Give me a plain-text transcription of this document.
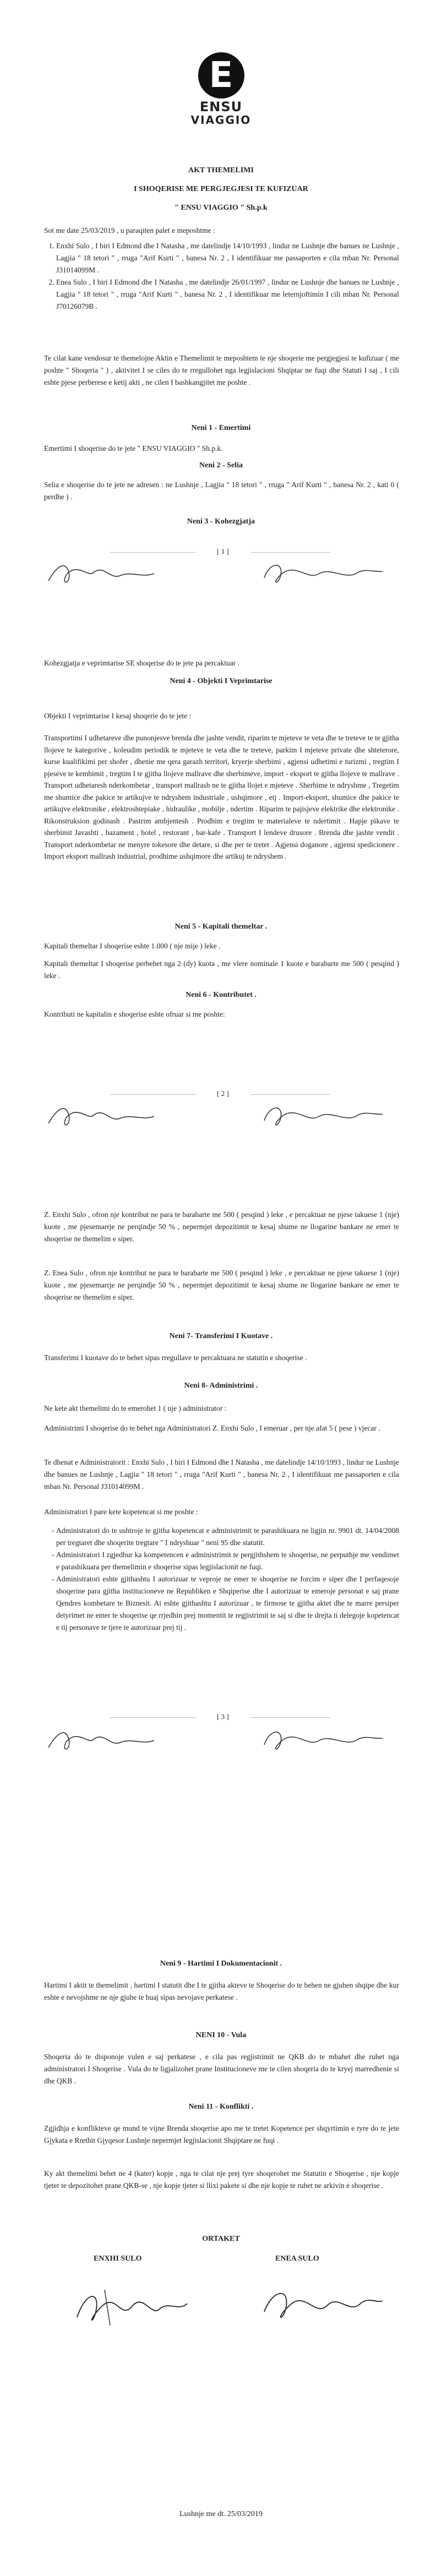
E
ENSU
VIAGGIO
AKT THEMELIMI
I SHOQERISE ME PERGJEGJESI TE KUFIZUAR
" ENSU VIAGGIO " Sh.p.k
Sot me date 25/03/2019 , u paraqiten palet e meposhtme :
1. Enxhi Sulo , I biri I Edmond dhe I Natasha , me datelindje 14/10/1993 , lindur ne Lushnje dhe banues ne Lushnje , Lagjia " 18 tetori " , rruga "Arif Kurti " , banesa Nr. 2 , I identifikuar me passaporten e cila mban Nr. Personal J31014099M .
2. Enea Sulo , I biri I Edmond dhe I Natasha , me datelindje 26/01/1997 , lindur ne Lushnje dhe banues ne Lushnje , Lagjia " 18 tetori " , rruga "Arif Kurti " , banesa Nr. 2 , I identifikuar me leternjoftimin I cili mban Nr. Personal J70126079B .
Te cilat kane vendosur te themelojne Aktin e Themelimit te meposhtem te nje shoqerie me pergjegjesi te kufizuar ( me poshte " Shoqeria " ) , aktivitet I se ciles do te rregullohet nga legjislacioni Shqiptar ne fuqi dhe Statuti I saj , I cili eshte pjese perberese e ketij akti , ne cilen I bashkangjitet me poshte .
Neni 1 - Emertimi
Emertimi I shoqerise do te jete " ENSU VIAGGIO " Sh.p.k.
Neni 2 - Selia
Selia e shoqerise do te jete ne adresen : ne Lushnje , Lagjia " 18 tetori " , rruga " Arif Kurti " , banesa Nr. 2 , kati 0 ( perdhe ) .
Neni 3 - Kohezgjatja
[ 1 ]
Kohezgjatja e veprimtarise SE shoqerise do te jete pa percaktuar .
Neni 4 - Objekti I Veprimtarise
Objekti I veprimtarise I kesaj shoqerie do te jete :
Transportimi I udhetareve dhe punonjesve brenda dhe jashte vendit, riparim te mjeteve te veta dhe te treteve te te gjitha llojeve te kategorive , koleudim periodik te mjeteve te veta dhe te treteve, parkim I mjeteve private dhe shteterore, kurse kualifikimi per shofer , dhenie me qera garazh territori, kryerje sherbimi , agjensi udhetimi e turizmi , tregtim I pjeseve te kembimit , tregtim I te gjitha llojeve mallrave dhe sherbimeve, import - eksport te gjitha llojeve te mallrave . Transport udhetaresh nderkombetar , transport mallrash ne te gjitha llojet e mjeteve . Sherbime te ndryshme , Tregetim me shumice dhe pakice te artikujve te ndryshem industriale , ushqimore , etj . Import-eksport, shumice dhe pakice te artikujve elektronike , elektroshtepiake , hidraulike , mobilje , ndertim . Riparim te pajisjeve elektrike dhe elektronike . Rikonstruksion godinash . Pastrim ambjentesh . Prodhim e tregtim te materialeve te ndertimit . Hapje pikave te sherbimit Javashti , bazament , hotel , restorant , bar-kafe . Transport I lendeve drusore . Brenda dhe jashte vendit . Transport nderkombetar ne menyre tokesore dhe detare, si dhe per te tretet . Agjensi doganore , agjensi spedicionere . Import eksport mallrash industrial, prodhime ushqimore dhe artikuj te ndryshem .
Neni 5 - Kapitali themeltar .
Kapitali themeltar I shoqerise eshte 1.000 ( nje mije ) leke .
Kapitali themeltar I shoqerise perbehet nga 2 (dy) kuota , me vlere nominale 1 kuote e barabarte me 500 ( pesqind ) leke .
Neni 6 - Kontributet .
Kontributi ne kapitalin e shoqerise eshte ofruar si me poshte:
[ 2 ]
Z. Enxhi Sulo , ofron nje kontribut ne para te barabarte me 500 ( pesqind ) leke , e percaktuar ne pjese takuese 1 (nje) kuote , me pjesemarrje ne perqindje 50 % , nepermjet depozitimit te kesaj shume ne llogarine bankare ne emer te shoqerise ne themelim e siper.
Z. Enea Sulo , ofron nje kontribut ne para te barabarte me 500 ( pesqind ) leke , e percaktuar ne pjese takuese 1 (nje) kuote , me pjesemarrje ne perqindje 50 % , nepermjet depozitimit te kesaj shume ne llogarine bankare ne emer te shoqerise ne themelim e siper.
Neni 7- Transferimi I Kuotave .
Transferimi I kuotave do te behet sipas rregullave te percaktuara ne statutin e shoqerise .
Neni 8- Administrimi .
Ne kete akt themelimi do te emerohet 1 ( nje ) administrator :
Administrimi I shoqerise do te behet nga Administratori Z. Enxhi Sulo , I emeruar , per nje afat 5 ( pese ) vjecar .
Te dhenat e Administratorit : Enxhi Sulo , I biri I Edmond dhe I Natasha , me datelindje 14/10/1993 , lindur ne Lushnje dhe banues ne Lushnje , Lagjia " 18 tetori " , rruga "Arif Kurti " , banesa Nr. 2 , I identifikuar me passaporten e cila mban Nr. Personal J31014099M .
Administratori I pare kete kopetencat si me poshte :
- Administratori do te ushtroje te gjitha kopetencat e administrimit te parashikuara ne ligjin nr. 9901 dt. 14/04/2008 per tregtaret dhe shoqerite tregtare " I ndryshuar " neni 95 dhe statutit.
- Administratori I zgjedhur ka kompetencen e administrimit te pergjithshem te shoqerise, ne perputhje me vendimet e parashikuara per themelimin e shoqerise sipas legjislacionit ne fuqi.
- Administratori eshte gjithashtu I autorizuar te veproje ne emer te shoqerise ne forcim e siper dhe I perfaqesoje shoqerine para gjitha institucioneve ne Republiken e Shqiperise dhe I autorizuar te emeroje personat e saj prane Qendres kombetare te Biznesit. Ai eshte gjithashtu I autorizuar , te firmose te gjitha aktet dhe te marre persiper detyrimet ne emer te shoqerise qe rrjedhin prej momentit te regjistrimit te saj si dhe te drejta ti delegoje kopetencat e tij personave te tjere te autorizuar prej tij .
[ 3 ]
Neni 9 - Hartimi I Dokumentacionit .
Hartimi I aktit te themelimit , hartimi I statutit dhe I te gjitha akteve te Shoqerise do te behen ne gjuhen shqipe dhe kur eshte e nevojshme ne nje gjuhe te huaj sipas nevojave perkatese .
NENI 10 - Vula
Shoqeria do te disponoje vulen e saj perkatese , e cila pas regjistrimit ne QKB do te mbahet dhe ruhet nga administratori I Shoqerise . Vula do te ligjalizohet prane Institucioneve me te cilen shoqeria do te kryej marredhenie si dhe QKB .
Neni 11 - Konflikti .
Zgjidhja e konflikteve qe mund te vijne Brenda shoqerise apo me te tretet Kopetence per shqyrtimin e tyre do te jete Gjykata e Rrethit Gjyqesor Lushnje nepermjet legjislacionit Shqiptare ne fuqi .
Ky akt themelimi behet ne 4 (kater) kopje , nga te cilat nje prej tyre shoqerohet me Statutin e Shoqerise , nje kopje tjeter te depozitohet prane QKB-se , nje kopje tjeter si llixi pakete si dhe nje kopje te ruhet ne arkivin e shoqerise .
ORTAKET
ENXHI SULO	ENEA SULO
Lushnje me dt. 25/03/2019
